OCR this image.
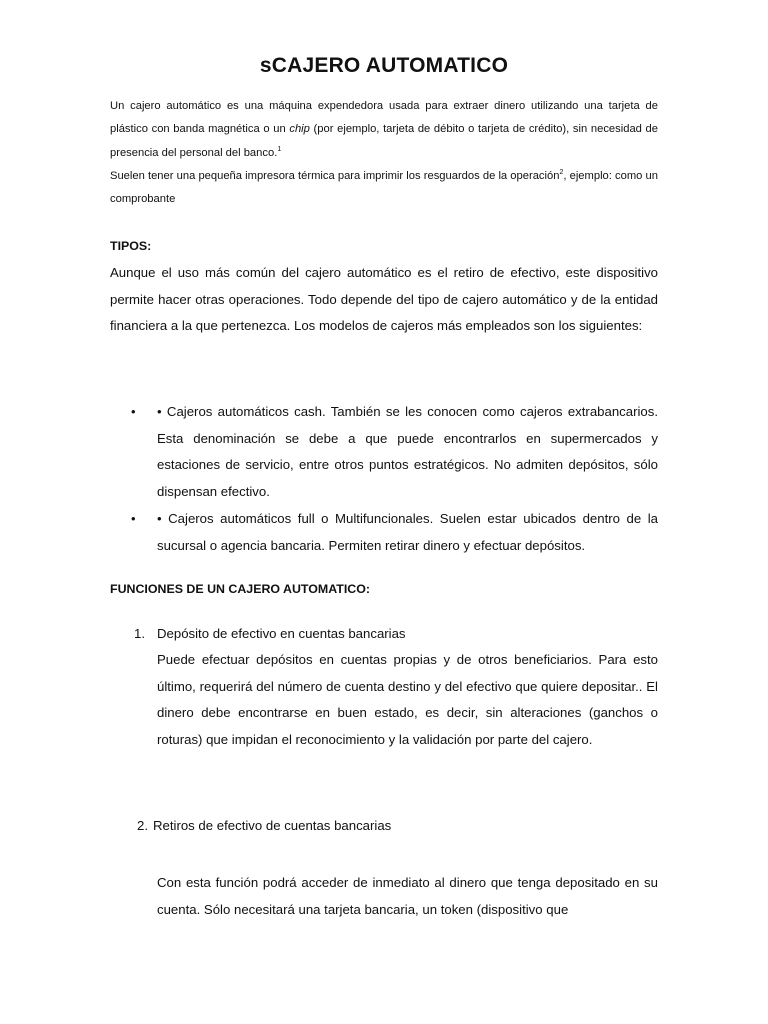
sCAJERO AUTOMATICO

Un cajero automático es una máquina expendedora usada para extraer dinero utilizando una tarjeta de plástico con banda magnética o un chip (por ejemplo, tarjeta de débito o tarjeta de crédito), sin necesidad de presencia del personal del banco.$^1$

Suelen tener una pequeña impresora térmica para imprimir los resguardos de la operación$^2$, ejemplo: como un comprobante

TIPOS:
Aunque el uso más común del cajero automático es el retiro de efectivo, este dispositivo permite hacer otras operaciones. Todo depende del tipo de cajero automático y de la entidad financiera a la que pertenezca. Los modelos de cajeros más empleados son los siguientes:
• • Cajeros automáticos cash. También se les conocen como cajeros extrabancarios. Esta denominación se debe a que puede encontrarlos en supermercados y estaciones de servicio, entre otros puntos estratégicos. No admiten depósitos, sólo dispensan efectivo.
• • Cajeros automáticos full o Multifuncionales. Suelen estar ubicados dentro de la sucursal o agencia bancaria. Permiten retirar dinero y efectuar depósitos.
FUNCIONES DE UN CAJERO AUTOMATICO:
1. Depósito de efectivo en cuentas bancarias
Puede efectuar depósitos en cuentas propias y de otros beneficiarios. Para esto último, requerirá del número de cuenta destino y del efectivo que quiere depositar.. El dinero debe encontrarse en buen estado, es decir, sin alteraciones (ganchos o roturas) que impidan el reconocimiento y la validación por parte del cajero.
2. Retiros de efectivo de cuentas bancarias
Con esta función podrá acceder de inmediato al dinero que tenga depositado en su cuenta. Sólo necesitará una tarjeta bancaria, un token (dispositivo que
